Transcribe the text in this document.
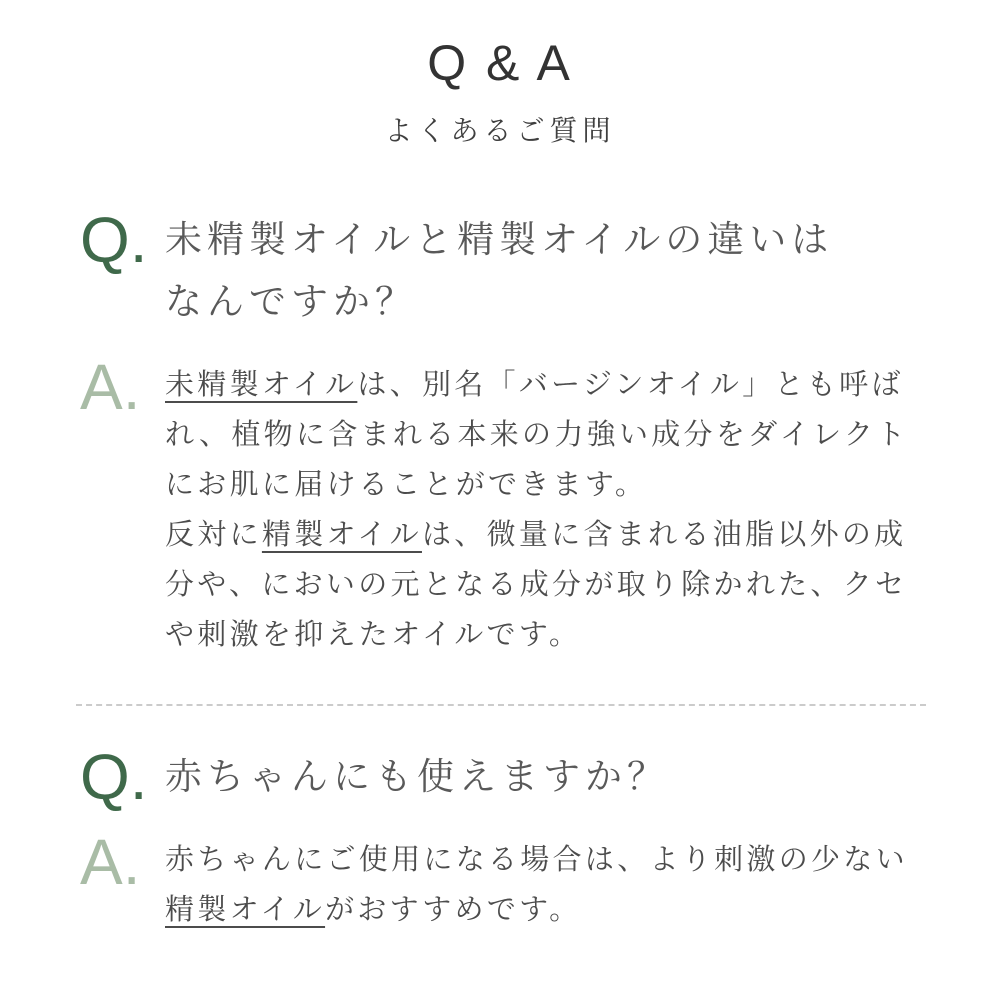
Q & A
よくあるご質問
Q. 未精製オイルと精製オイルの違いは
なんですか？
A. 未精製オイルは、別名「バージンオイル」とも呼ば
れ、植物に含まれる本来の力強い成分をダイレクト
にお肌に届けることができます。
反対に精製オイルは、微量に含まれる油脂以外の成
分や、においの元となる成分が取り除かれた、クセ
や刺激を抑えたオイルです。
Q. 赤ちゃんにも使えますか？
A. 赤ちゃんにご使用になる場合は、より刺激の少ない
精製オイルがおすすめです。
